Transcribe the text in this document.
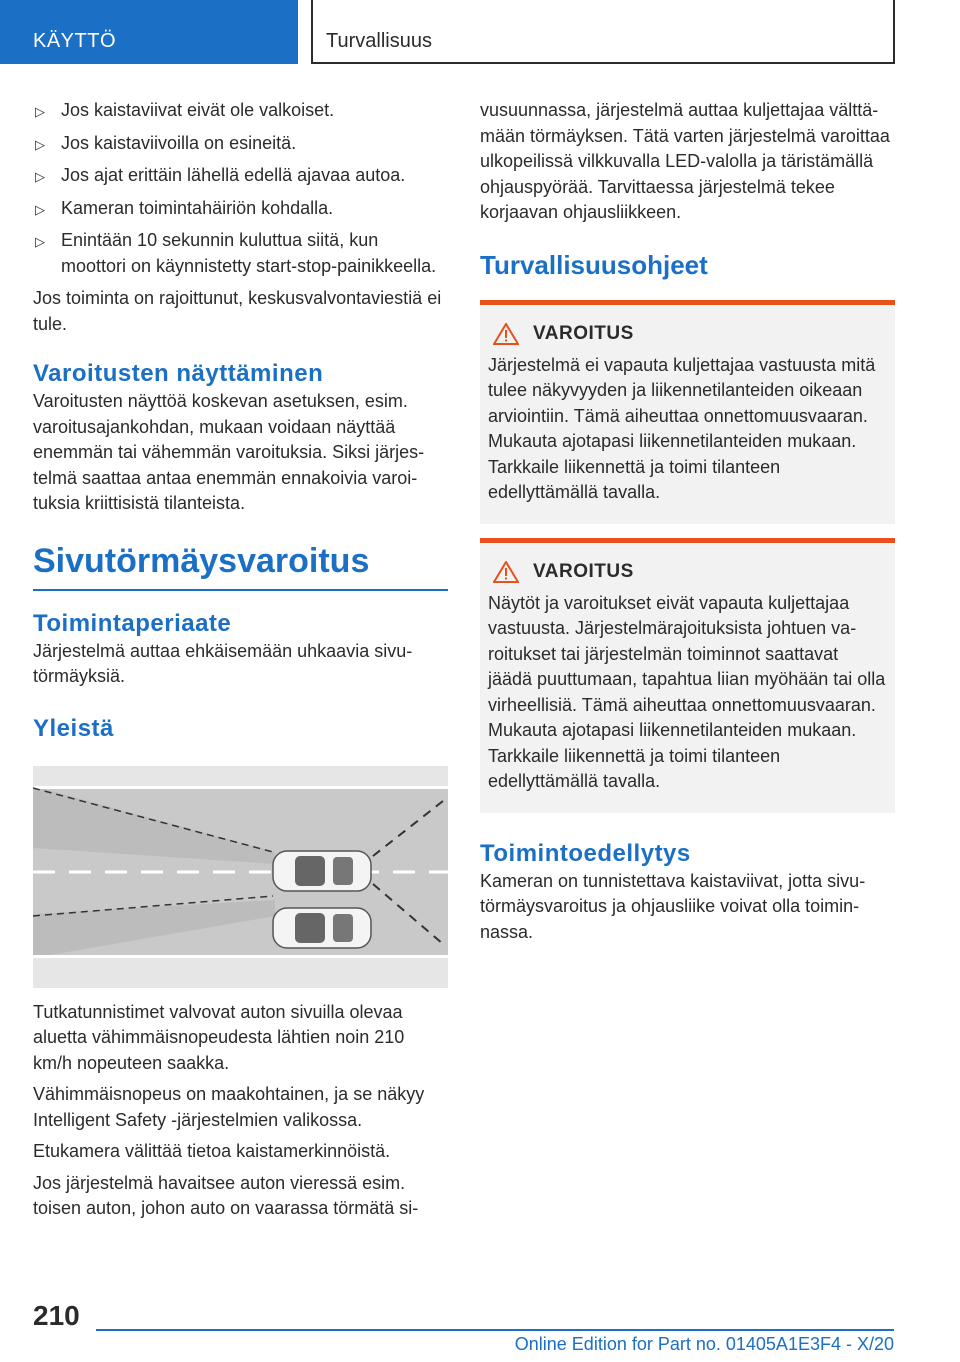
KÄYTTÖ	Turvallisuus
▷ Jos kaistaviivat eivät ole valkoiset.
▷ Jos kaistaviivoilla on esineitä.
▷ Jos ajat erittäin lähellä edellä ajavaa autoa.
▷ Kameran toimintahäiriön kohdalla.
▷ Enintään 10 sekunnin kuluttua siitä, kun moottori on käynnistetty start-stop-painikkeella.

Jos toiminta on rajoittunut, keskusvalvontaviestiä ei tule.

Varoitusten näyttäminen

Varoitusten näyttöä koskevan asetuksen, esim. varoitusajankohdan, mukaan voidaan näyttää enemmän tai vähemmän varoituksia. Siksi järjestelmä saattaa antaa enemmän ennakoivia varoituksia kriittisistä tilanteista.

Sivutörmäysvaroitus
Toimintaperiaate

Järjestelmä auttaa ehkäisemään uhkaavia sivutörmäyksiä.

Yleistä

Tutkatunnistimet valvovat auton sivuilla olevaa aluetta vähimmäisnopeudesta lähtien noin 210 km/h nopeuteen saakka.

Vähimmäisnopeus on maakohtainen, ja se näkyy Intelligent Safety -järjestelmien valikossa.

Etukamera välittää tietoa kaistamerkinnöistä.

Jos järjestelmä havaitsee auton vieressä esim. toisen auton, johon auto on vaarassa törmätä si-

vusuunnassa, järjestelmä auttaa kuljettajaa välttämään törmäyksen. Tätä varten järjestelmä varoittaa ulkopeilissä vilkkuvalla LED-valolla ja täristämällä ohjauspyörää. Tarvittaessa järjestelmä tekee korjaavan ohjausliikkeen.

Turvallisuusohjeet
VAROITUS

Järjestelmä ei vapauta kuljettajaa vastuusta mitä tulee näkyvyyden ja liikennetilanteiden oikeaan arviointiin. Tämä aiheuttaa onnettomuusvaaran. Mukauta ajotapasi liikennetilanteiden mukaan. Tarkkaile liikennettä ja toimi tilanteen edellyttämällä tavalla.

VAROITUS

Näytöt ja varoitukset eivät vapauta kuljettajaa vastuusta. Järjestelmärajoituksista johtuen varoitukset tai järjestelmän toiminnot saattavat jäädä puuttumaan, tapahtua liian myöhään tai olla virheellisiä. Tämä aiheuttaa onnettomuusvaaran. Mukauta ajotapasi liikennetilanteiden mukaan. Tarkkaile liikennettä ja toimi tilanteen edellyttämällä tavalla.

Toimintoedellytys

Kameran on tunnistettava kaistaviivat, jotta sivutörmäysvaroitus ja ohjausliike voivat olla toiminnassa.

210
Online Edition for Part no. 01405A1E3F4 - X/20
